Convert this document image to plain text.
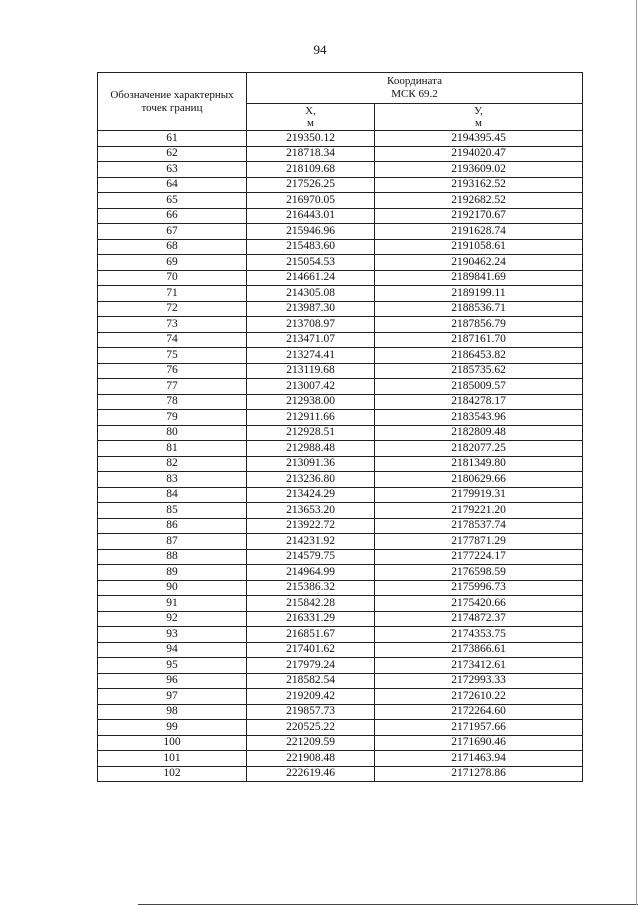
94
Обозначение характерных точек границ	Координата
МСК 69.2	
	Х,
м	У,
м
61	219350.12	2194395.45
62	218718.34	2194020.47
63	218109.68	2193609.02
64	217526.25	2193162.52
65	216970.05	2192682.52
66	216443.01	2192170.67
67	215946.96	2191628.74
68	215483.60	2191058.61
69	215054.53	2190462.24
70	214661.24	2189841.69
71	214305.08	2189199.11
72	213987.30	2188536.71
73	213708.97	2187856.79
74	213471.07	2187161.70
75	213274.41	2186453.82
76	213119.68	2185735.62
77	213007.42	2185009.57
78	212938.00	2184278.17
79	212911.66	2183543.96
80	212928.51	2182809.48
81	212988.48	2182077.25
82	213091.36	2181349.80
83	213236.80	2180629.66
84	213424.29	2179919.31
85	213653.20	2179221.20
86	213922.72	2178537.74
87	214231.92	2177871.29
88	214579.75	2177224.17
89	214964.99	2176598.59
90	215386.32	2175996.73
91	215842.28	2175420.66
92	216331.29	2174872.37
93	216851.67	2174353.75
94	217401.62	2173866.61
95	217979.24	2173412.61
96	218582.54	2172993.33
97	219209.42	2172610.22
98	219857.73	2172264.60
99	220525.22	2171957.66
100	221209.59	2171690.46
101	221908.48	2171463.94
102	222619.46	2171278.86
